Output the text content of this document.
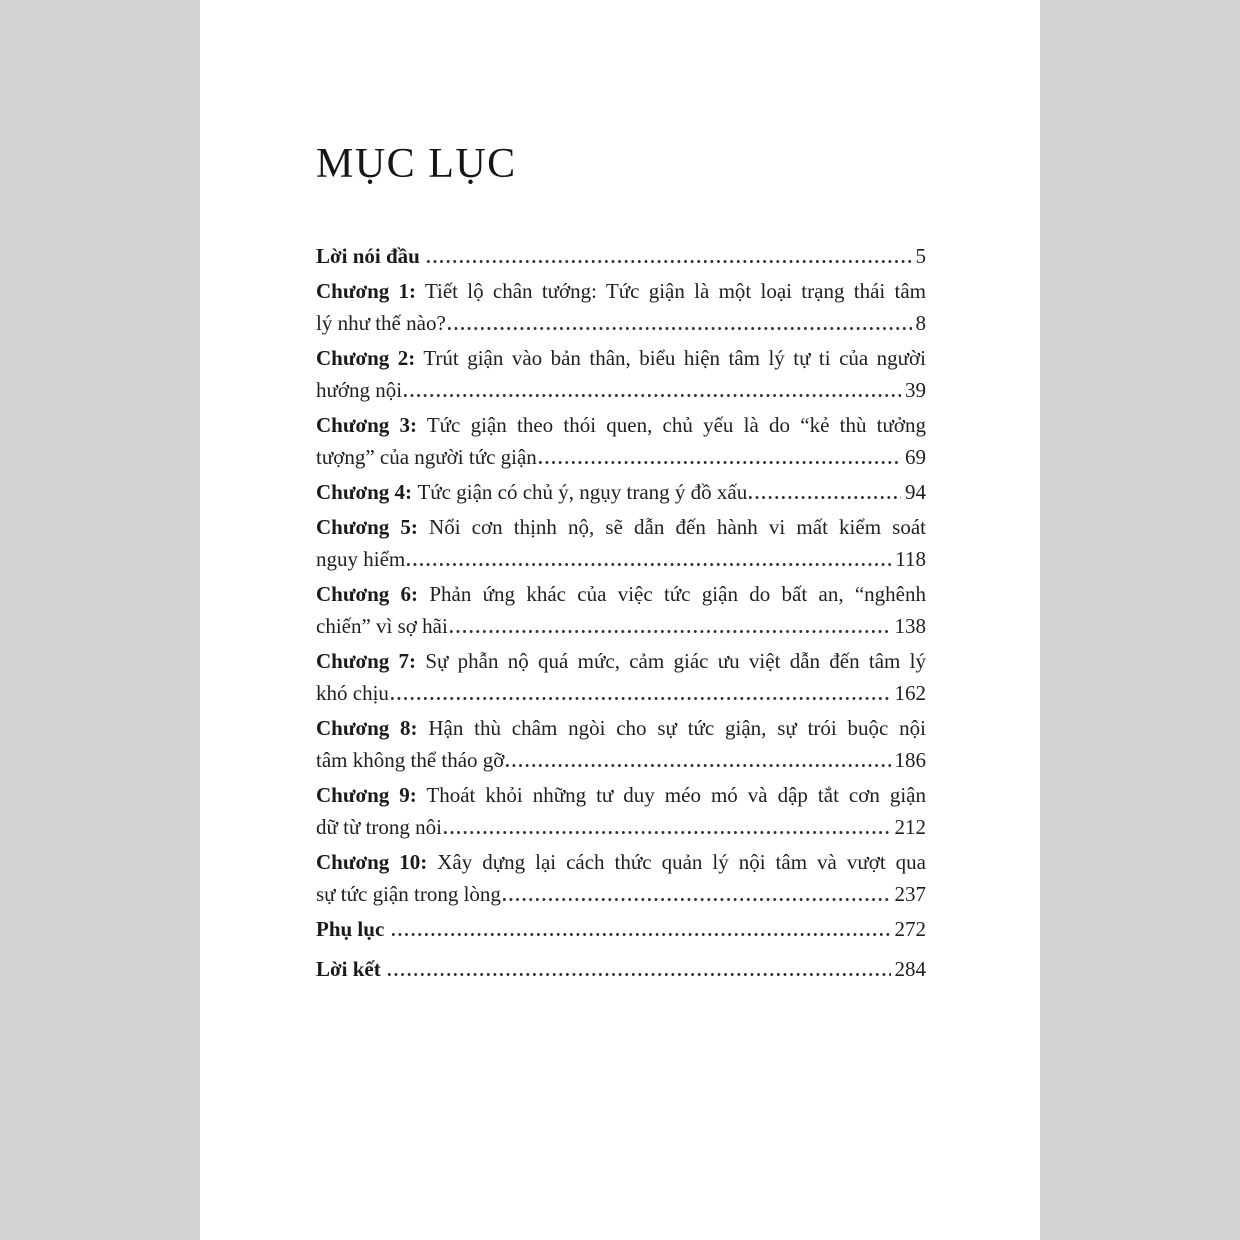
MỤC LỤC
Lời nói đầu	5
Chương 1: Tiết lộ chân tướng: Tức giận là một loại trạng thái tâm
lý như thế nào?	8
Chương 2: Trút giận vào bản thân, biểu hiện tâm lý tự ti của người
hướng nội	39
Chương 3: Tức giận theo thói quen, chủ yếu là do “kẻ thù tưởng
tượng” của người tức giận	69
Chương 4: Tức giận có chủ ý, ngụy trang ý đồ xấu	94
Chương 5: Nổi cơn thịnh nộ, sẽ dẫn đến hành vi mất kiểm soát
nguy hiểm	118
Chương 6: Phản ứng khác của việc tức giận do bất an, “nghênh
chiến” vì sợ hãi	138
Chương 7: Sự phẫn nộ quá mức, cảm giác ưu việt dẫn đến tâm lý
khó chịu	162
Chương 8: Hận thù châm ngòi cho sự tức giận, sự trói buộc nội
tâm không thể tháo gỡ	186
Chương 9: Thoát khỏi những tư duy méo mó và dập tắt cơn giận
dữ từ trong nôi	212
Chương 10: Xây dựng lại cách thức quản lý nội tâm và vượt qua
sự tức giận trong lòng	237
Phụ lục	272
Lời kết	284
